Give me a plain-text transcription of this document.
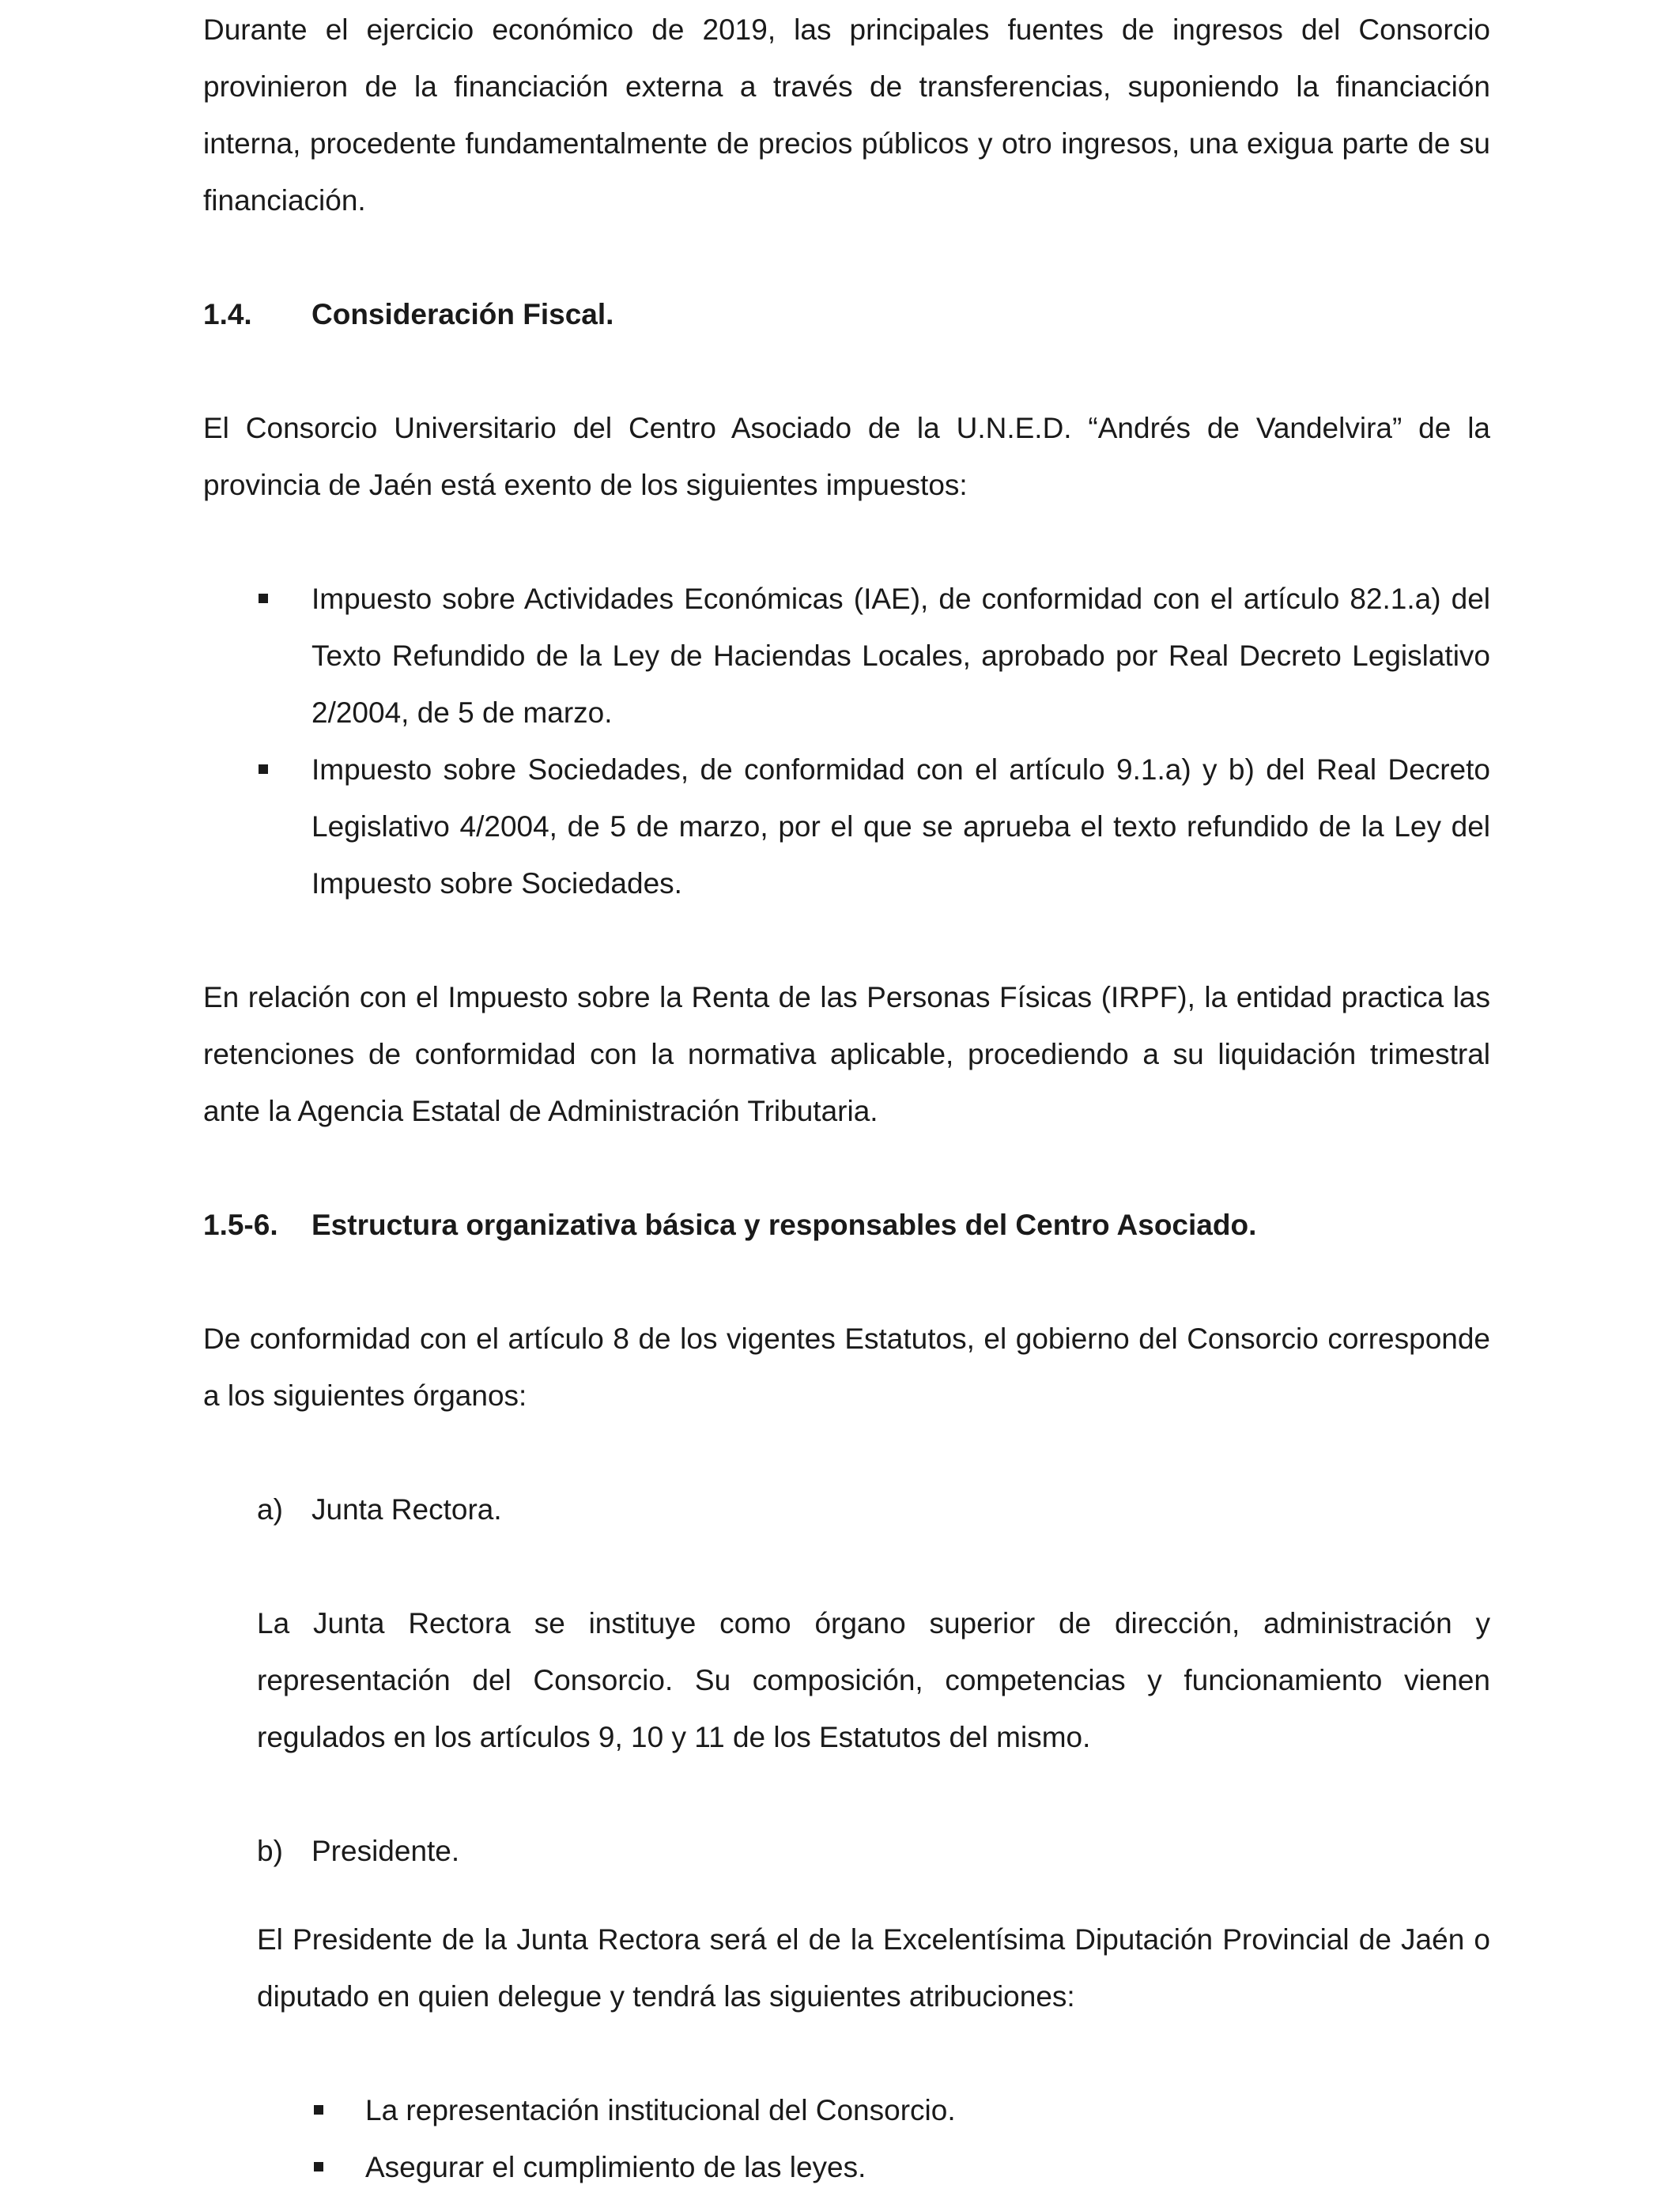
Durante el ejercicio económico de 2019, las principales fuentes de ingresos del Consorcio provinieron de la financiación externa a través de transferencias, suponiendo la financiación interna, procedente fundamentalmente de precios públicos y otro ingresos, una exigua parte de su financiación.

1.4.	Consideración Fiscal.

El Consorcio Universitario del Centro Asociado de la U.N.E.D. “Andrés de Vandelvira” de la provincia de Jaén está exento de los siguientes impuestos:

Impuesto sobre Actividades Económicas (IAE), de conformidad con el artículo 82.1.a) del Texto Refundido de la Ley de Haciendas Locales, aprobado por Real Decreto Legislativo 2/2004, de 5 de marzo.
Impuesto sobre Sociedades, de conformidad con el artículo 9.1.a) y b) del Real Decreto Legislativo 4/2004, de 5 de marzo, por el que se aprueba el texto refundido de la Ley del Impuesto sobre Sociedades.

En relación con el Impuesto sobre la Renta de las Personas Físicas (IRPF), la entidad practica las retenciones de conformidad con la normativa aplicable, procediendo a su liquidación trimestral ante la Agencia Estatal de Administración Tributaria.

1.5-6.	Estructura organizativa básica y responsables del Centro Asociado.

De conformidad con el artículo 8 de los vigentes Estatutos, el gobierno del Consorcio corresponde a los siguientes órganos:

a) Junta Rectora.

La Junta Rectora se instituye como órgano superior de dirección, administración y representación del Consorcio. Su composición, competencias y funcionamiento vienen regulados en los artículos 9, 10 y 11 de los Estatutos del mismo.

b) Presidente.

El Presidente de la Junta Rectora será el de la Excelentísima Diputación Provincial de Jaén o diputado en quien delegue y tendrá las siguientes atribuciones:

La representación institucional del Consorcio.
Asegurar el cumplimiento de las leyes.
